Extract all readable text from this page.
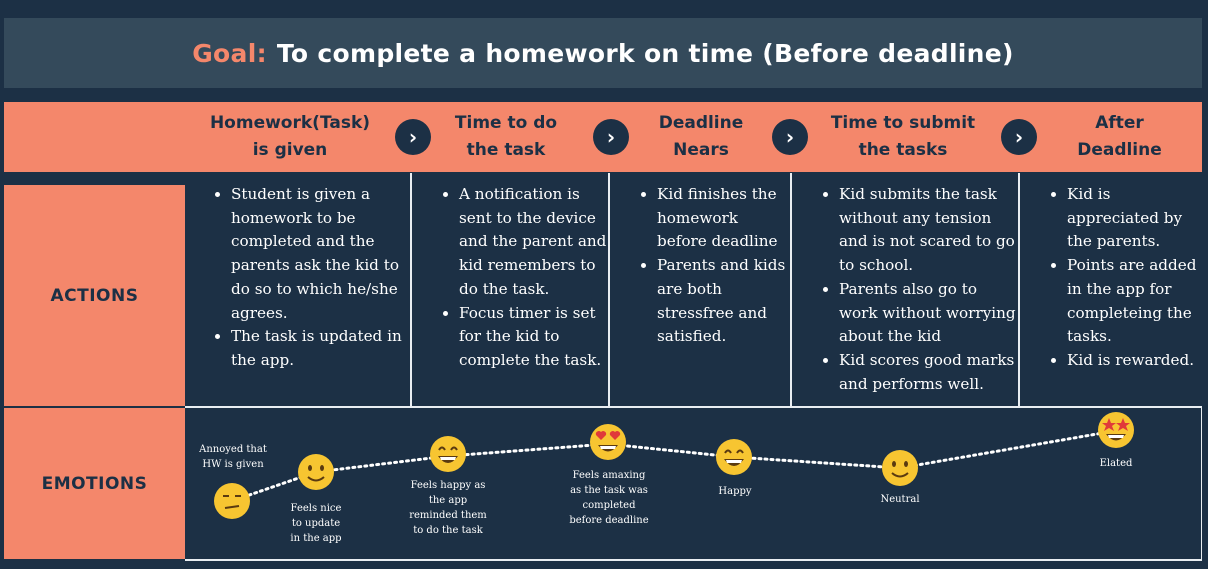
Goal: To complete a homework on time (Before deadline)
Homework(Task)
is given
›
Time to do
the task
›
Deadline
Nears
›
Time to submit
the tasks
›
After
Deadline
ACTIONS
EMOTIONS
• Student is given a homework to be completed and the parents ask the kid to do so to which he/she agrees.
• The task is updated in the app.
• A notification is sent to the device and the parent and kid remembers to do the task.
• Focus timer is set for the kid to complete the task.
• Kid finishes the homework before deadline
• Parents and kids are both stressfree and satisfied.
• Kid submits the task without any tension and is not scared to go to school.
• Parents also go to work without worrying about the kid
• Kid scores good marks and performs well.
• Kid is appreciated by the parents.
• Points are added in the app for completeing the tasks.
• Kid is rewarded.
Annoyed that
HW is given
Feels nice
to update
in the app
Feels happy as
the app
reminded them
to do the task
Feels amaxing
as the task was
completed
before deadline
Happy
Neutral
Elated
